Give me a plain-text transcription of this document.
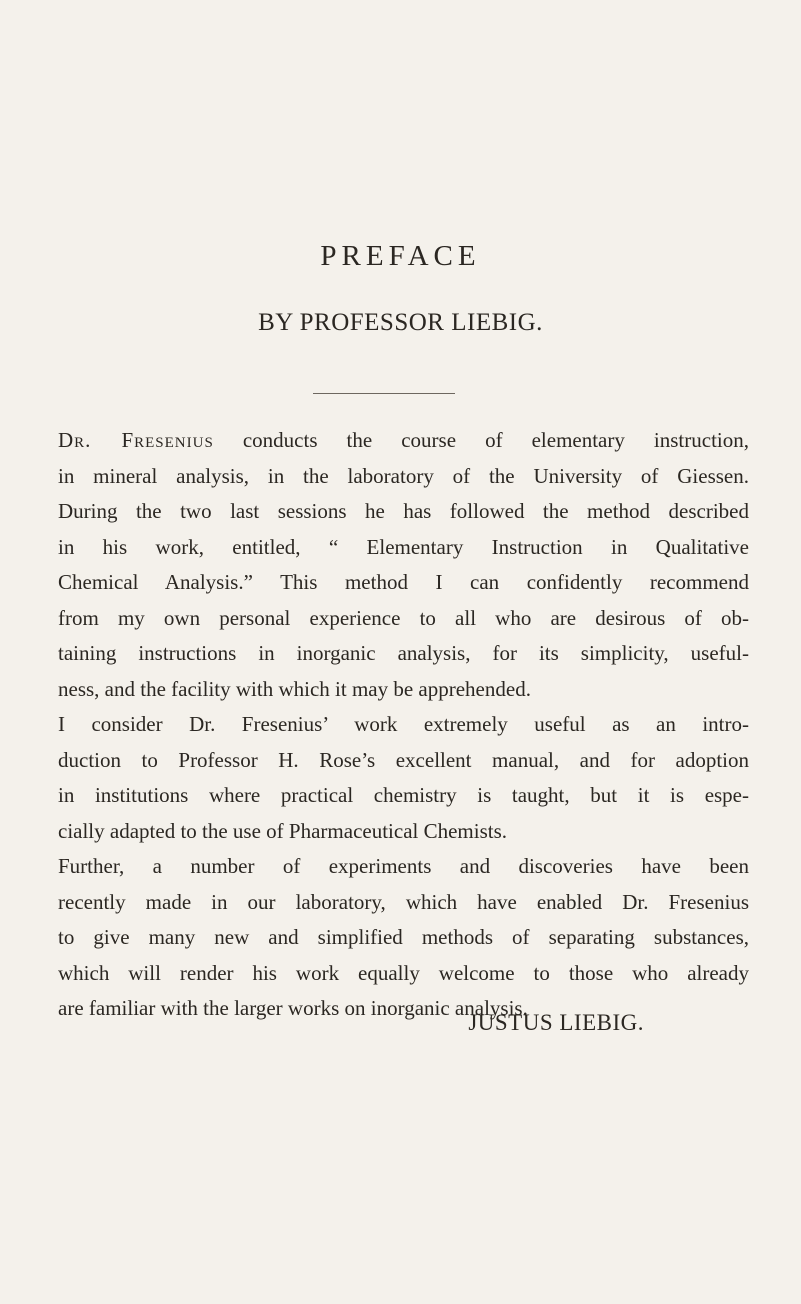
PREFACE
BY PROFESSOR LIEBIG.

Dr. Fresenius conducts the course of elementary instruction,
in mineral analysis, in the laboratory of the University of Giessen.
During the two last sessions he has followed the method described
in his work, entitled, “ Elementary Instruction in Qualitative
Chemical Analysis.” This method I can confidently recommend
from my own personal experience to all who are desirous of ob-
taining instructions in inorganic analysis, for its simplicity, useful-
ness, and the facility with which it may be apprehended.

I consider Dr. Fresenius’ work extremely useful as an intro-
duction to Professor H. Rose’s excellent manual, and for adoption
in institutions where practical chemistry is taught, but it is espe-
cially adapted to the use of Pharmaceutical Chemists.

Further, a number of experiments and discoveries have been
recently made in our laboratory, which have enabled Dr. Fresenius
to give many new and simplified methods of separating substances,
which will render his work equally welcome to those who already
are familiar with the larger works on inorganic analysis.

JUSTUS LIEBIG.
